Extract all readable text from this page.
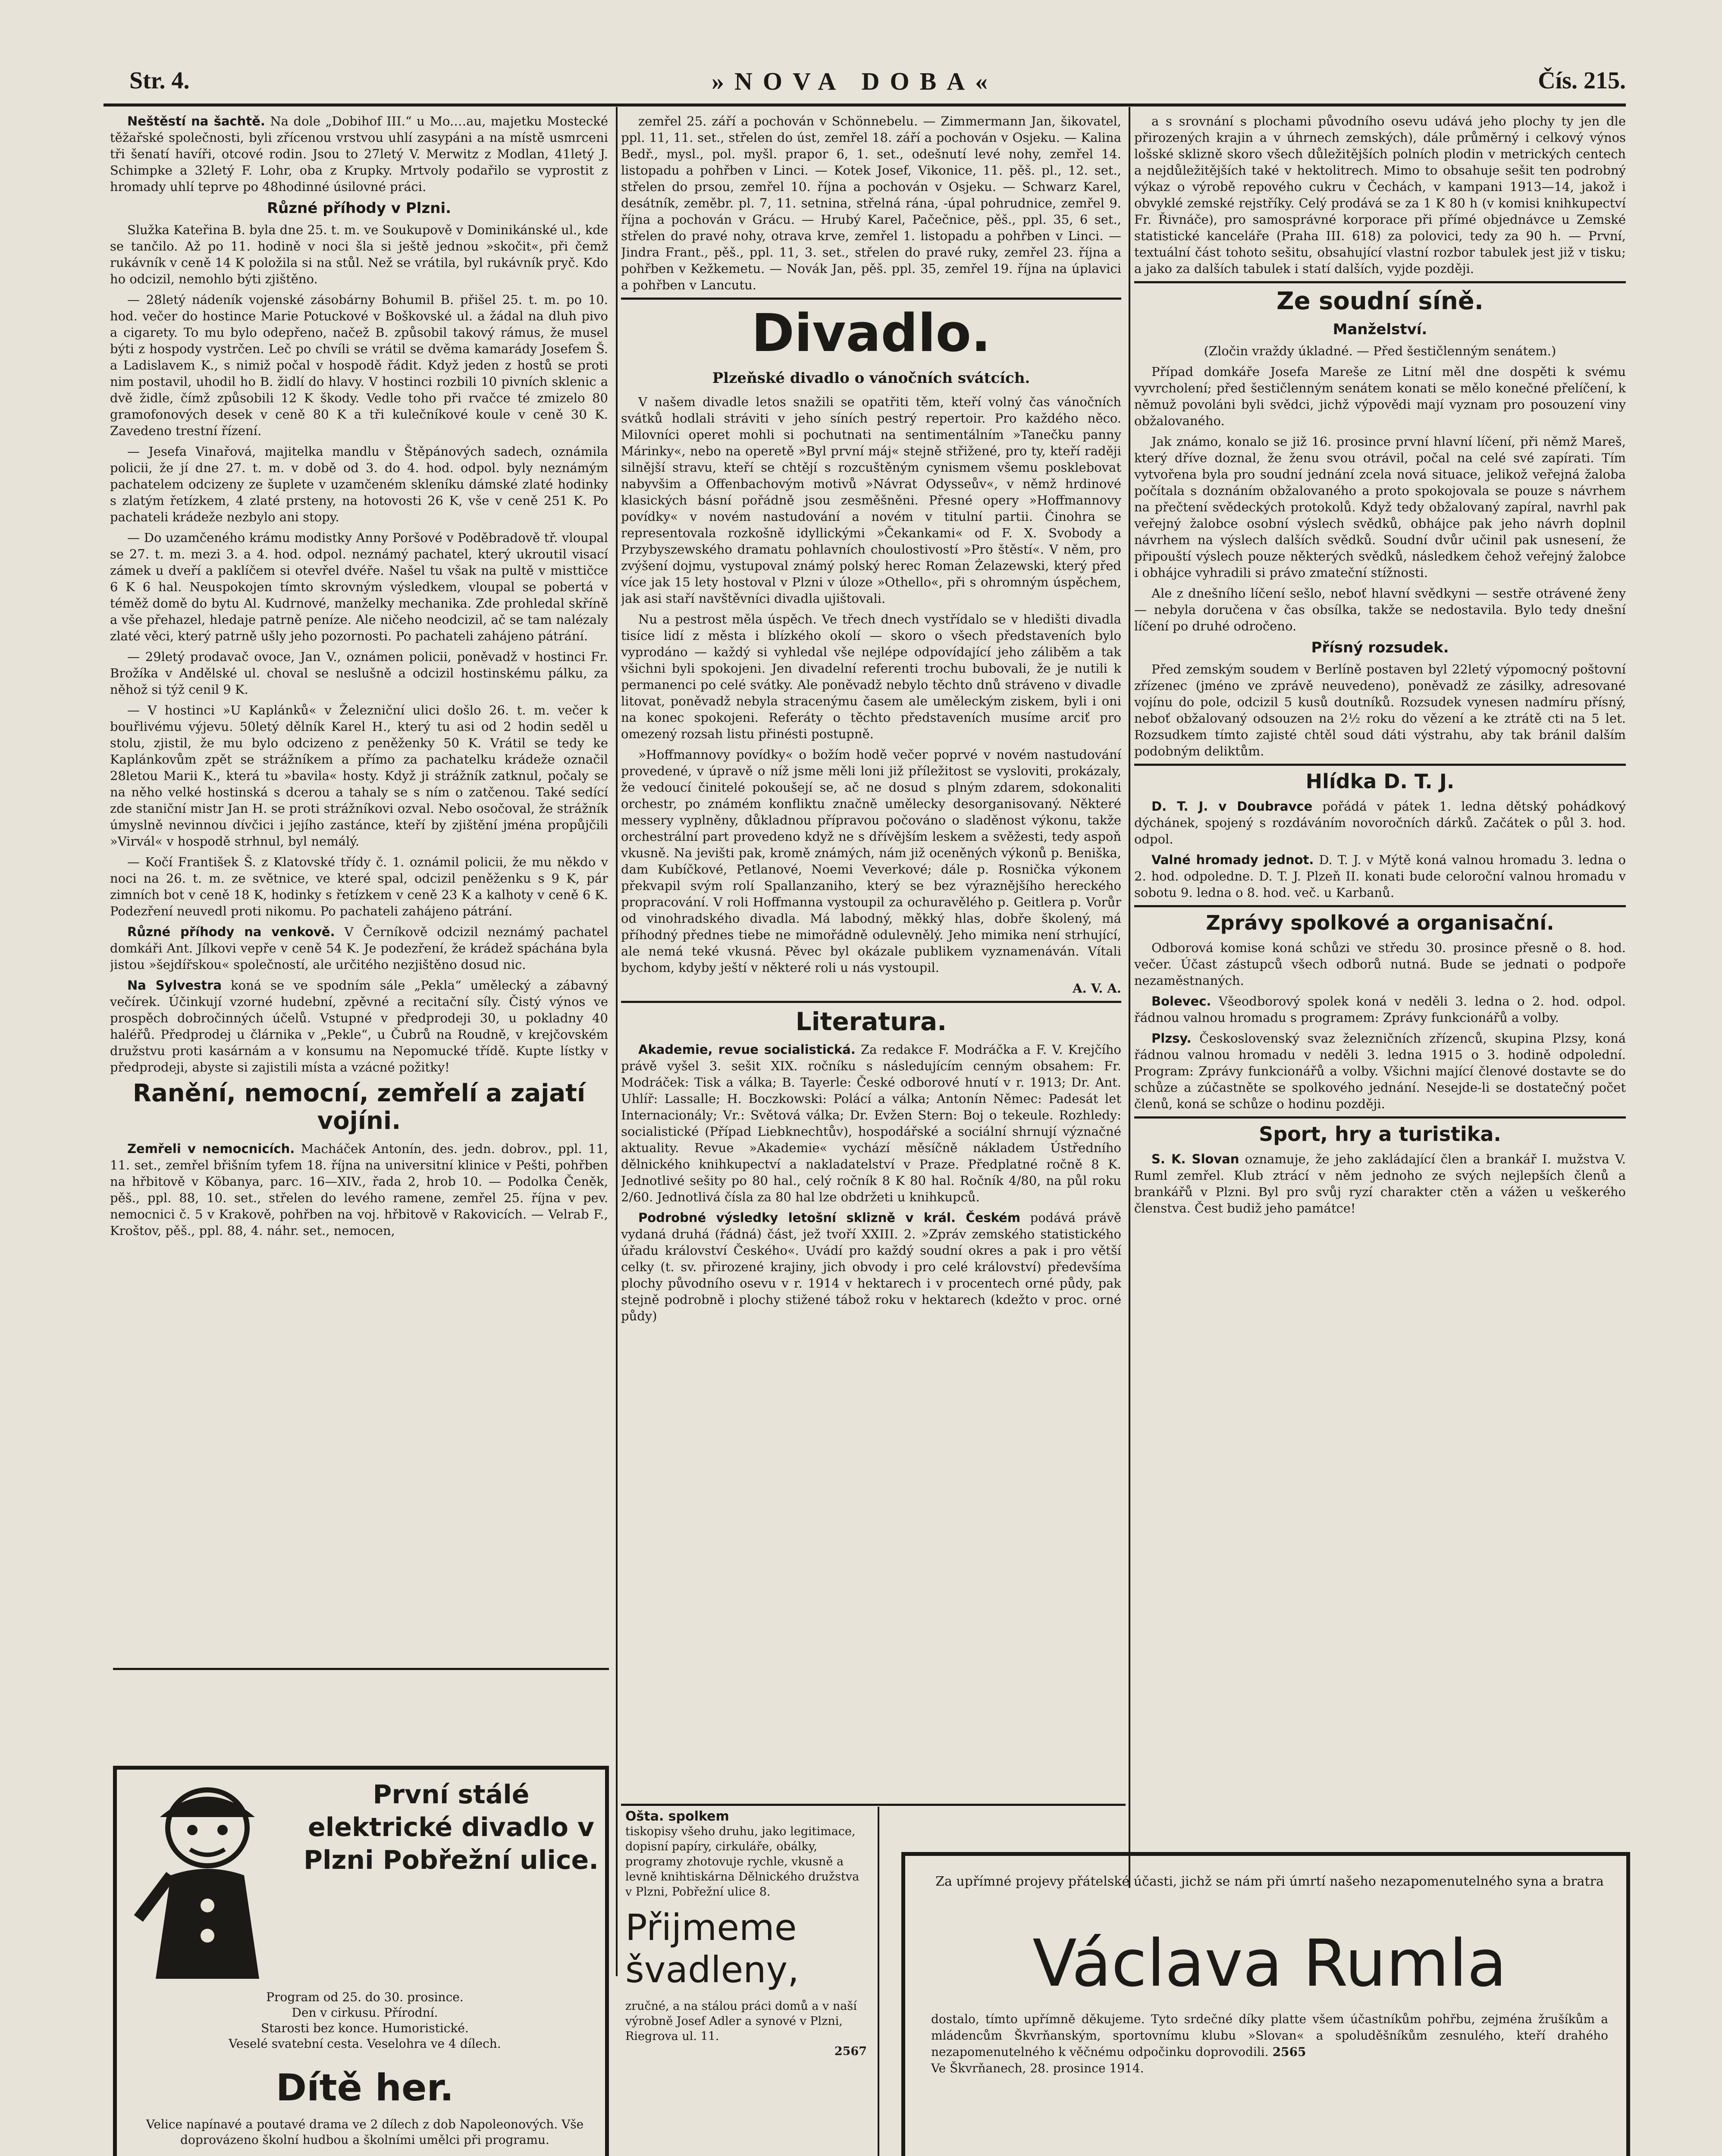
Str. 4.	»NOVA DOBA«	Čís. 215.

Neštěstí na šachtě. Na dole „Dobihof III.“ u Mo.…au, majetku Mostecké těžařské společnosti, byli zřícenou vrstvou uhlí zasypáni a na místě usmrceni tři šenatí havíři, otcové rodin. Jsou to 27letý V. Merwitz z Modlan, 41letý J. Schimpke a 32letý F. Lohr, oba z Krupky. Mrtvoly podařilo se vyprostit z hromady uhlí teprve po 48hodinné úsilovné práci.

Různé příhody v Plzni.

Služka Kateřina B. byla dne 25. t. m. ve Soukupově v Dominikánské ul., kde se tančilo. Až po 11. hodině v noci šla si ještě jednou »skočit«, při čemž rukávník v ceně 14 K položila si na stůl. Než se vrátila, byl rukávník pryč. Kdo ho odcizil, nemohlo býti zjištěno.

— 28letý nádeník vojenské zásobárny Bohumil B. přišel 25. t. m. po 10. hod. večer do hostince Marie Potuckové v Boškovské ul. a žádal na dluh pivo a cigarety. To mu bylo odepřeno, načež B. způsobil takový rámus, že musel býti z hospody vystrčen. Leč po chvíli se vrátil se dvěma kamarády Josefem Š. a Ladislavem K., s nimiž počal v hospodě řádit. Když jeden z hostů se proti nim postavil, uhodil ho B. židlí do hlavy. V hostinci rozbili 10 pivních sklenic a dvě židle, čímž způsobili 12 K škody. Vedle toho při rvačce té zmizelo 80 gramofonových desek v ceně 80 K a tři kulečníkové koule v ceně 30 K. Zavedeno trestní řízení.

— Jesefa Vinařová, majitelka mandlu v Štěpánových sadech, oznámila policii, že jí dne 27. t. m. v době od 3. do 4. hod. odpol. byly neznámým pachatelem odcizeny ze šuplete v uzamčeném skleníku dámské zlaté hodinky s zlatým řetízkem, 4 zlaté prsteny, na hotovosti 26 K, vše v ceně 251 K. Po pachateli krádeže nezbylo ani stopy.

— Do uzamčeného krámu modistky Anny Poršové v Poděbradově tř. vloupal se 27. t. m. mezi 3. a 4. hod. odpol. neznámý pachatel, který ukroutil visací zámek u dveří a paklíčem si otevřel dvéře. Našel tu však na pultě v misttičce 6 K 6 hal. Neuspokojen tímto skrovným výsledkem, vloupal se pobertá v téměž domě do bytu Al. Kudrnové, manželky mechanika. Zde prohledal skříně a vše přehazel, hledaje patrně peníze. Ale ničeho neodcizil, ač se tam nalézaly zlaté věci, který patrně ušly jeho pozornosti. Po pachateli zahájeno pátrání.

— 29letý prodavač ovoce, Jan V., oznámen policii, poněvadž v hostinci Fr. Brožíka v Andělské ul. choval se neslušně a odcizil hostinskému pálku, za něhož si týž cenil 9 K.

— V hostinci »U Kaplánků« v Železniční ulici došlo 26. t. m. večer k bouřlivému výjevu. 50letý dělník Karel H., který tu asi od 2 hodin seděl u stolu, zjistil, že mu bylo odcizeno z peněženky 50 K. Vrátil se tedy ke Kaplánkovům zpět se strážníkem a přímo za pachatelku krádeže označil 28letou Marii K., která tu »bavila« hosty. Když ji strážník zatknul, počaly se na něho velké hostinská s dcerou a tahaly se s ním o zatčenou. Také sedící zde staniční mistr Jan H. se proti strážníkovi ozval. Nebo osočoval, že strážník úmyslně nevinnou dívčici i jejího zastánce, kteří by zjištění jména propůjčili »Virvál« v hospodě strhnul, byl nemálý.

— Kočí František Š. z Klatovské třídy č. 1. oznámil policii, že mu někdo v noci na 26. t. m. ze světnice, ve které spal, odcizil peněženku s 9 K, pár zimních bot v ceně 18 K, hodinky s řetízkem v ceně 23 K a kalhoty v ceně 6 K. Podezření neuvedl proti nikomu. Po pachateli zahájeno pátrání.

Různé příhody na venkově. V Černíkově odcizil neznámý pachatel domkáři Ant. Jílkovi vepře v ceně 54 K. Je podezření, že krádež spáchána byla jistou »šejdířskou« společností, ale určitého nezjištěno dosud nic.

Na Sylvestra koná se ve spodním sále „Pekla“ umělecký a zábavný večírek. Účinkují vzorné hudební, zpěvné a recitační síly. Čistý výnos ve prospěch dobročinných účelů. Vstupné v předprodeji 30, u pokladny 40 haléřů. Předprodej u člárnika v „Pekle“, u Čubrů na Roudně, v krejčovském družstvu proti kasárnám a v konsumu na Nepomucké třídě. Kupte lístky v předprodeji, abyste si zajistili místa a vzácné požitky!

Ranění, nemocní, zemřelí a zajatí vojíni.

Zemřeli v nemocnicích. Macháček Antonín, des. jedn. dobrov., ppl. 11, 11. set., zemřel břišním tyfem 18. října na universitní klinice v Pešti, pohřben na hřbitově v Köbanya, parc. 16—XIV., řada 2, hrob 10. — Podolka Čeněk, pěš., ppl. 88, 10. set., střelen do levého ramene, zemřel 25. října v pev. nemocnici č. 5 v Krakově, pohřben na voj. hřbitově v Rakovicích. — Velrab F., Kroštov, pěš., ppl. 88, 4. náhr. set., nemocen,

První stálé elektrické divadlo v Plzni Pobřežní ulice.
Program od 25. do 30. prosince.
Den v cirkusu. Přírodní.
Starosti bez konce. Humoristické.
Veselé svatební cesta. Veselohra ve 4 dílech.
Dítě her.
Velice napínavé a poutavé drama ve 2 dílech z dob Napoleonových. Vše doprovázeno školní hudbou a školními umělci při programu.

zemřel 25. září a pochován v Schönnebelu. — Zimmermann Jan, šikovatel, ppl. 11, 11. set., střelen do úst, zemřel 18. září a pochován v Osjeku. — Kalina Bedř., mysl., pol. myšl. prapor 6, 1. set., odešnutí levé nohy, zemřel 14. listopadu a pohřben v Linci. — Kotek Josef, Vikonice, 11. pěš. pl., 12. set., střelen do prsou, zemřel 10. října a pochován v Osjeku. — Schwarz Karel, desátník, zeměbr. pl. 7, 11. setnina, střelná rána, -úpal pohrudnice, zemřel 9. října a pochován v Grácu. — Hrubý Karel, Pačečnice, pěš., ppl. 35, 6 set., střelen do pravé nohy, otrava krve, zemřel 1. listopadu a pohřben v Linci. — Jindra Frant., pěš., ppl. 11, 3. set., střelen do pravé ruky, zemřel 23. října a pohřben v Kežkemetu. — Novák Jan, pěš. ppl. 35, zemřel 19. října na úplavici a pohřben v Lancutu.

Divadlo.
Plzeňské divadlo o vánočních svátcích.

V našem divadle letos snažili se opatřiti těm, kteří volný čas vánočních svátků hodlali stráviti v jeho síních pestrý repertoir. Pro každého něco. Milovníci operet mohli si pochutnati na sentimentálním »Tanečku panny Márinky«, nebo na operetě »Byl první máj« stejně střižené, pro ty, kteří raději silnější stravu, kteří se chtějí s rozcuštěným cynismem všemu posklebovat nabyvšim a Offenbachovým motivů »Návrat Odysseův«, v němž hrdinové klasických básní pořádně jsou zesměšněni. Přesné opery »Hoffmannovy povídky« v novém nastudování a novém v titulní partii. Činohra se representovala rozkošně idyllickými »Čekankami« od F. X. Svobody a Przybyszewského dramatu pohlavních choulostivostí »Pro štěstí«. V něm, pro zvýšení dojmu, vystupoval známý polský herec Roman Żelazewski, který před více jak 15 lety hostoval v Plzni v úloze »Othello«, při s ohromným úspěchem, jak asi staří navštěvníci divadla ujištovali.

Nu a pestrost měla úspěch. Ve třech dnech vystřídalo se v hledišti divadla tisíce lidí z města i blízkého okolí — skoro o všech představeních bylo vyprodáno — každý si vyhledal vše nejlépe odpovídající jeho záliběm a tak všichni byli spokojeni. Jen divadelní referenti trochu bubovali, že je nutili k permanenci po celé svátky. Ale poněvadž nebylo těchto dnů stráveno v divadle litovat, poněvadž nebyla stracenýmu časem ale uměleckým ziskem, byli i oni na konec spokojeni. Referáty o těchto představeních musíme arciť pro omezený rozsah listu přinésti postupně.

»Hoffmannovy povídky« o božím hodě večer poprvé v novém nastudování provedené, v úpravě o níž jsme měli loni již příležitost se vysloviti, prokázaly, že vedoucí činitelé pokoušejí se, ač ne dosud s plným zdarem, sdokonaliti orchestr, po známém konfliktu značně umělecky desorganisovaný. Některé messery vyplněny, důkladnou přípravou počováno o sladěnost výkonu, takže orchestrální part provedeno když ne s dřívějším leskem a svěžesti, tedy aspoň vkusně. Na jevišti pak, kromě známých, nám již oceněných výkonů p. Beniška, dam Kubíčkové, Petlanové, Noemi Veverkové; dále p. Rosnička výkonem překvapil svým rolí Spallanzaniho, který se bez výraznějšího hereckého propracování. V roli Hoffmanna vystoupil za ochuravělého p. Geitlera p. Vorůr od vinohradského divadla. Má labodný, měkký hlas, dobře školený, má příhodný přednes tiebe ne mimořádně odulevnělý. Jeho mimika není strhující, ale nemá teké vkusná. Pěvec byl okázale publikem vyznamenáván. Vítali bychom, kdyby ještí v některé roli u nás vystoupil.

A. V. A.

Literatura.

Akademie, revue socialistická. Za redakce F. Modráčka a F. V. Krejčího právě vyšel 3. sešit XIX. ročníku s následujícím cenným obsahem: Fr. Modráček: Tisk a válka; B. Tayerle: České odborové hnutí v r. 1913; Dr. Ant. Uhlíř: Lassalle; H. Boczkowski: Polácí a válka; Antonín Němec: Padesát let Internacionály; Vr.: Světová válka; Dr. Evžen Stern: Boj o tekeule. Rozhledy: socialistické (Případ Liebknechtův), hospodářské a sociální shrnují význačné aktuality. Revue »Akademie« vychází měsíčně nákladem Ústředního dělnického knihkupectví a nakladatelství v Praze. Předplatné ročně 8 K. Jednotlivé sešity po 80 hal., celý ročník 8 K 80 hal. Ročník 4/80, na půl roku 2/60. Jednotlivá čísla za 80 hal lze obdržeti u knihkupců.

Podrobné výsledky letošní sklizně v král. Českém podává právě vydaná druhá (řádná) část, jež tvoří XXIII. 2. »Zpráv zemského statistického úřadu království Českého«. Uvádí pro každý soudní okres a pak i pro větší celky (t. sv. přirozené krajiny, jich obvody i pro celé království) předevšíma plochy původního osevu v r. 1914 v hektarech i v procentech orné půdy, pak stejně podrobně i plochy stižené tábož roku v hektarech (kdežto v proc. orné půdy)

Ošta. spolkem
tiskopisy všeho druhu, jako legitimace, dopisní papíry, cirkuláře, obálky, programy zhotovuje rychle, vkusně a levně knihtiskárna Dělnického družstva v Plzni, Pobřežní ulice 8.
Přijmeme švadleny,
zručné, a na stálou práci domů a v naší výrobně Josef Adler a synové v Plzni, Riegrova ul. 11.
2567

a s srovnání s plochami původního osevu udává jeho plochy ty jen dle přirozených krajin a v úhrnech zemských), dále průměrný i celkový výnos lošské sklizně skoro všech důležitějších polních plodin v metrických centech a nejdůležitějších také v hektolitrech. Mimo to obsahuje sešit ten podrobný výkaz o výrobě repového cukru v Čechách, v kampani 1913—14, jakož i obvyklé zemské rejstříky. Celý prodává se za 1 K 80 h (v komisi knihkupectví Fr. Řivnáče), pro samosprávné korporace při přímé objednávce u Zemské statistické kanceláře (Praha III. 618) za polovici, tedy za 90 h. — První, textuální část tohoto sešitu, obsahující vlastní rozbor tabulek jest již v tisku; a jako za dalších tabulek i statí dalších, vyjde později.

Ze soudní síně.
Manželství.

(Zločin vraždy úkladné. — Před šestičlenným senátem.)

Případ domkáře Josefa Mareše ze Litní měl dne dospěti k svému vyvrcholení; před šestičlenným senátem konati se mělo konečné přelíčení, k němuž povoláni byli svědci, jichž výpovědi mají vyznam pro posouzení viny obžalovaného.

Jak známo, konalo se již 16. prosince první hlavní líčení, při němž Mareš, který dříve doznal, že ženu svou otrávil, počal na celé své zapírati. Tím vytvořena byla pro soudní jednání zcela nová situace, jelikož veřejná žaloba počítala s doznáním obžalovaného a proto spokojovala se pouze s návrhem na přečtení svědeckých protokolů. Když tedy obžalovaný zapíral, navrhl pak veřejný žalobce osobní výslech svědků, obhájce pak jeho návrh doplnil návrhem na výslech dalších svědků. Soudní dvůr učinil pak usnesení, že připouští výslech pouze některých svědků, následkem čehož veřejný žalobce i obhájce vyhradili si právo zmateční stížnosti.

Ale z dnešního líčení sešlo, neboť hlavní svědkyni — sestře otrávené ženy — nebyla doručena v čas obsílka, takže se nedostavila. Bylo tedy dnešní líčení po druhé odročeno.

Přísný rozsudek.

Před zemským soudem v Berlíně postaven byl 22letý výpomocný poštovní zřízenec (jméno ve zprávě neuvedeno), poněvadž ze zásilky, adresované vojínu do pole, odcizil 5 kusů doutníků. Rozsudek vynesen nadmíru přísný, neboť obžalovaný odsouzen na 2½ roku do vězení a ke ztrátě cti na 5 let. Rozsudkem tímto zajisté chtěl soud dáti výstrahu, aby tak bránil dalším podobným deliktům.

Hlídka D. T. J.

D. T. J. v Doubravce pořádá v pátek 1. ledna dětský pohádkový dýchánek, spojený s rozdáváním novoročních dárků. Začátek o půl 3. hod. odpol.

Valné hromady jednot. D. T. J. v Mýtě koná valnou hromadu 3. ledna o 2. hod. odpoledne. D. T. J. Plzeň II. konati bude celoroční valnou hromadu v sobotu 9. ledna o 8. hod. več. u Karbanů.

Zprávy spolkové a organisační.

Odborová komise koná schůzi ve středu 30. prosince přesně o 8. hod. večer. Účast zástupců všech odborů nutná. Bude se jednati o podpoře nezaměstnaných.

Bolevec. Všeodborový spolek koná v neděli 3. ledna o 2. hod. odpol. řádnou valnou hromadu s programem: Zprávy funkcionářů a volby.

Plzsy. Československý svaz železničních zřízenců, skupina Plzsy, koná řádnou valnou hromadu v neděli 3. ledna 1915 o 3. hodině odpolední. Program: Zprávy funkcionářů a volby. Všichni mající členové dostavte se do schůze a zúčastněte se spolkového jednání. Nesejde-li se dostatečný počet členů, koná se schůze o hodinu později.

Sport, hry a turistika.

S. K. Slovan oznamuje, že jeho zakládající člen a brankář I. mužstva V. Ruml zemřel. Klub ztrácí v něm jednoho ze svých nejlepších členů a brankářů v Plzni. Byl pro svůj ryzí charakter ctěn a vážen u veškerého členstva. Čest budiž jeho památce!

Za upřímné projevy přátelské účasti, jichž se nám při úmrtí našeho nezapomenutelného syna a bratra
Václava Rumla
dostalo, tímto upřímně děkujeme. Tyto srdečné díky platte všem účastníkům pohřbu, zejména žrušíkům a mládencům Škvrňanským, sportovnímu klubu »Slovan« a spoluděšníkům zesnulého, kteří drahého nezapomenutelného k věčnému odpočinku doprovodili. 2565
Ve Škvrňanech, 28. prosince 1914.
